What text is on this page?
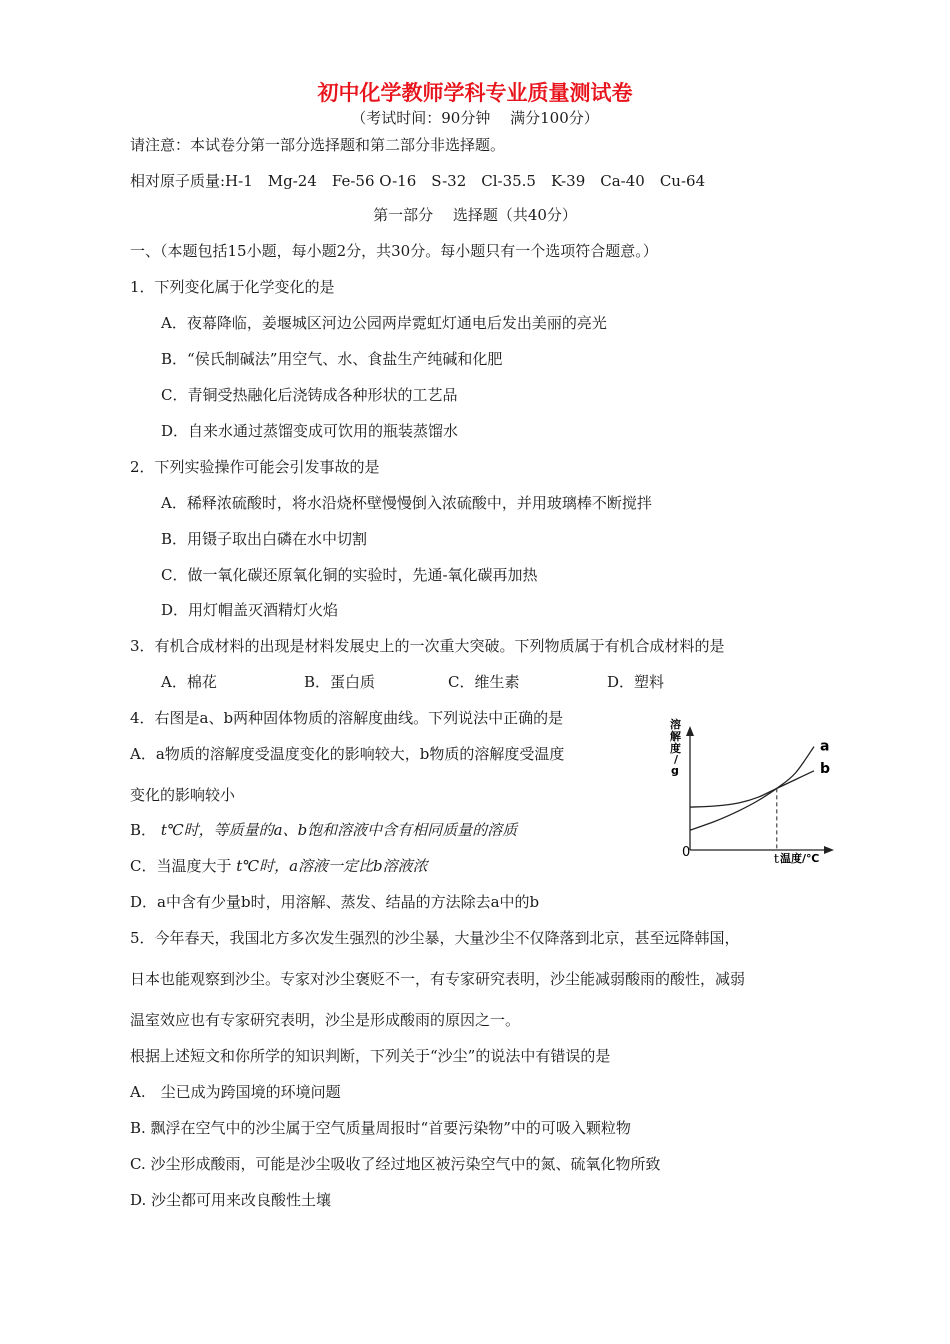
初中化学教师学科专业质量测试卷
（考试时间：90分钟　 满分100分）
请注意：本试卷分第一部分选择题和第二部分非选择题。
相对原子质量:H-1　Mg-24　Fe-56 O-16　S-32　Cl-35.5　K-39　Ca-40　Cu-64
第一部分　 选择题（共40分）
一、（本题包括15小题，每小题2分，共30分。每小题只有一个选项符合题意。）
1．下列变化属于化学变化的是
A．夜幕降临，姜堰城区河边公园两岸霓虹灯通电后发出美丽的亮光
B．“侯氏制碱法”用空气、水、食盐生产纯碱和化肥
C．青铜受热融化后浇铸成各种形状的工艺品
D．自来水通过蒸馏变成可饮用的瓶装蒸馏水
2．下列实验操作可能会引发事故的是
A．稀释浓硫酸时，将水沿烧杯壁慢慢倒入浓硫酸中，并用玻璃棒不断搅拌
B．用镊子取出白磷在水中切割
C．做一氧化碳还原氧化铜的实验时，先通-氧化碳再加热
D．用灯帽盖灭酒精灯火焰
3．有机合成材料的出现是材料发展史上的一次重大突破。下列物质属于有机合成材料的是
A．棉花	B．蛋白质	C．维生素	D．塑料
4．右图是a、b两种固体物质的溶解度曲线。下列说法中正确的是
A．a物质的溶解度受温度变化的影响较大，b物质的溶解度受温度
变化的影响较小
B． t℃时，等质量的a、b饱和溶液中含有相同质量的溶质
C．当温度大于 t℃时，a溶液一定比b溶液浓
D．a中含有少量b时，用溶解、蒸发、结晶的方法除去a中的b
溶
解
度
/
g
0	温度/℃
t
a
b
5．今年春天，我国北方多次发生强烈的沙尘暴，大量沙尘不仅降落到北京，甚至远降韩国，
日本也能观察到沙尘。专家对沙尘褒贬不一，有专家研究表明，沙尘能减弱酸雨的酸性，减弱
温室效应也有专家研究表明，沙尘是形成酸雨的原因之一。
根据上述短文和你所学的知识判断，下列关于“沙尘”的说法中有错误的是
A.　尘已成为跨国境的环境问题
B. 飘浮在空气中的沙尘属于空气质量周报时“首要污染物”中的可吸入颗粒物
C. 沙尘形成酸雨，可能是沙尘吸收了经过地区被污染空气中的氮、硫氧化物所致
D. 沙尘都可用来改良酸性土壤
